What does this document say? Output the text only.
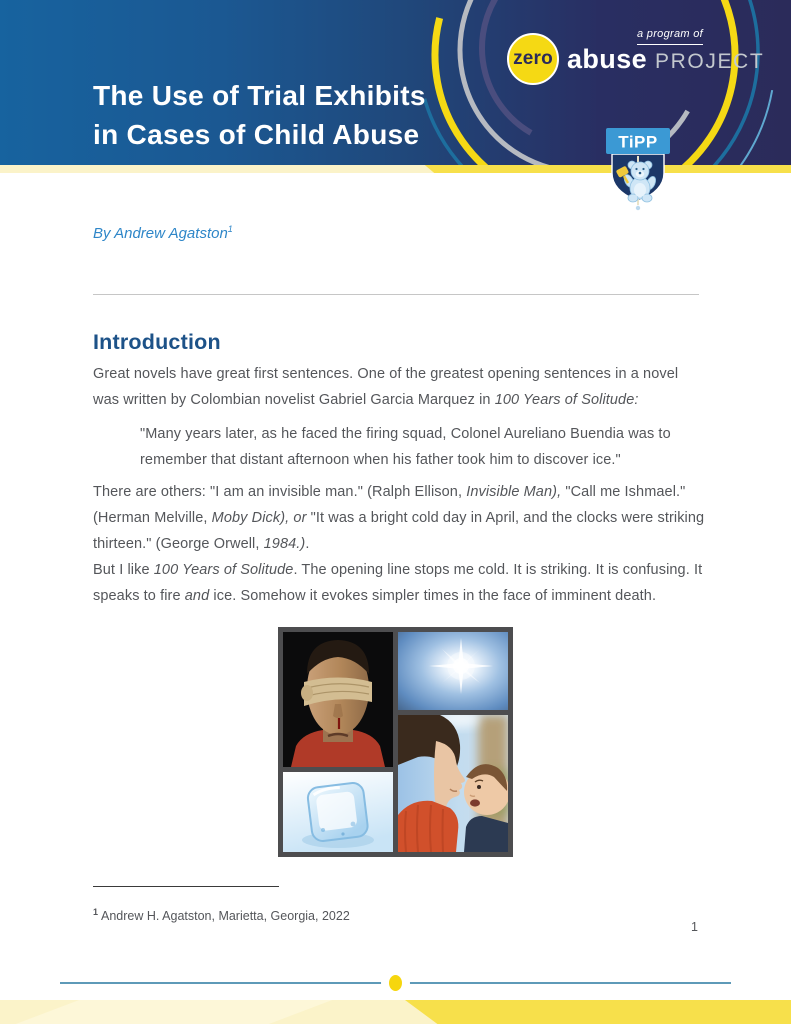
a program of
zero abuse PROJECT
The Use of Trial Exhibits
in Cases of Child Abuse	TiPP
By Andrew Agatston$^1$
Introduction

Great novels have great first sentences. One of the greatest opening sentences in a novel was written by Colombian novelist Gabriel Garcia Marquez in 100 Years of Solitude:

"Many years later, as he faced the firing squad, Colonel Aureliano Buendia was to remember that distant afternoon when his father took him to discover ice."

There are others: "I am an invisible man." (Ralph Ellison, Invisible Man), "Call me Ishmael." (Herman Melville, Moby Dick), or "It was a bright cold day in April, and the clocks were striking thirteen." (George Orwell, 1984.).

But I like 100 Years of Solitude. The opening line stops me cold. It is striking. It is confusing. It speaks to fire and ice. Somehow it evokes simpler times in the face of imminent death.

$^1$ Andrew H. Agatston, Marietta, Georgia, 2022
1
